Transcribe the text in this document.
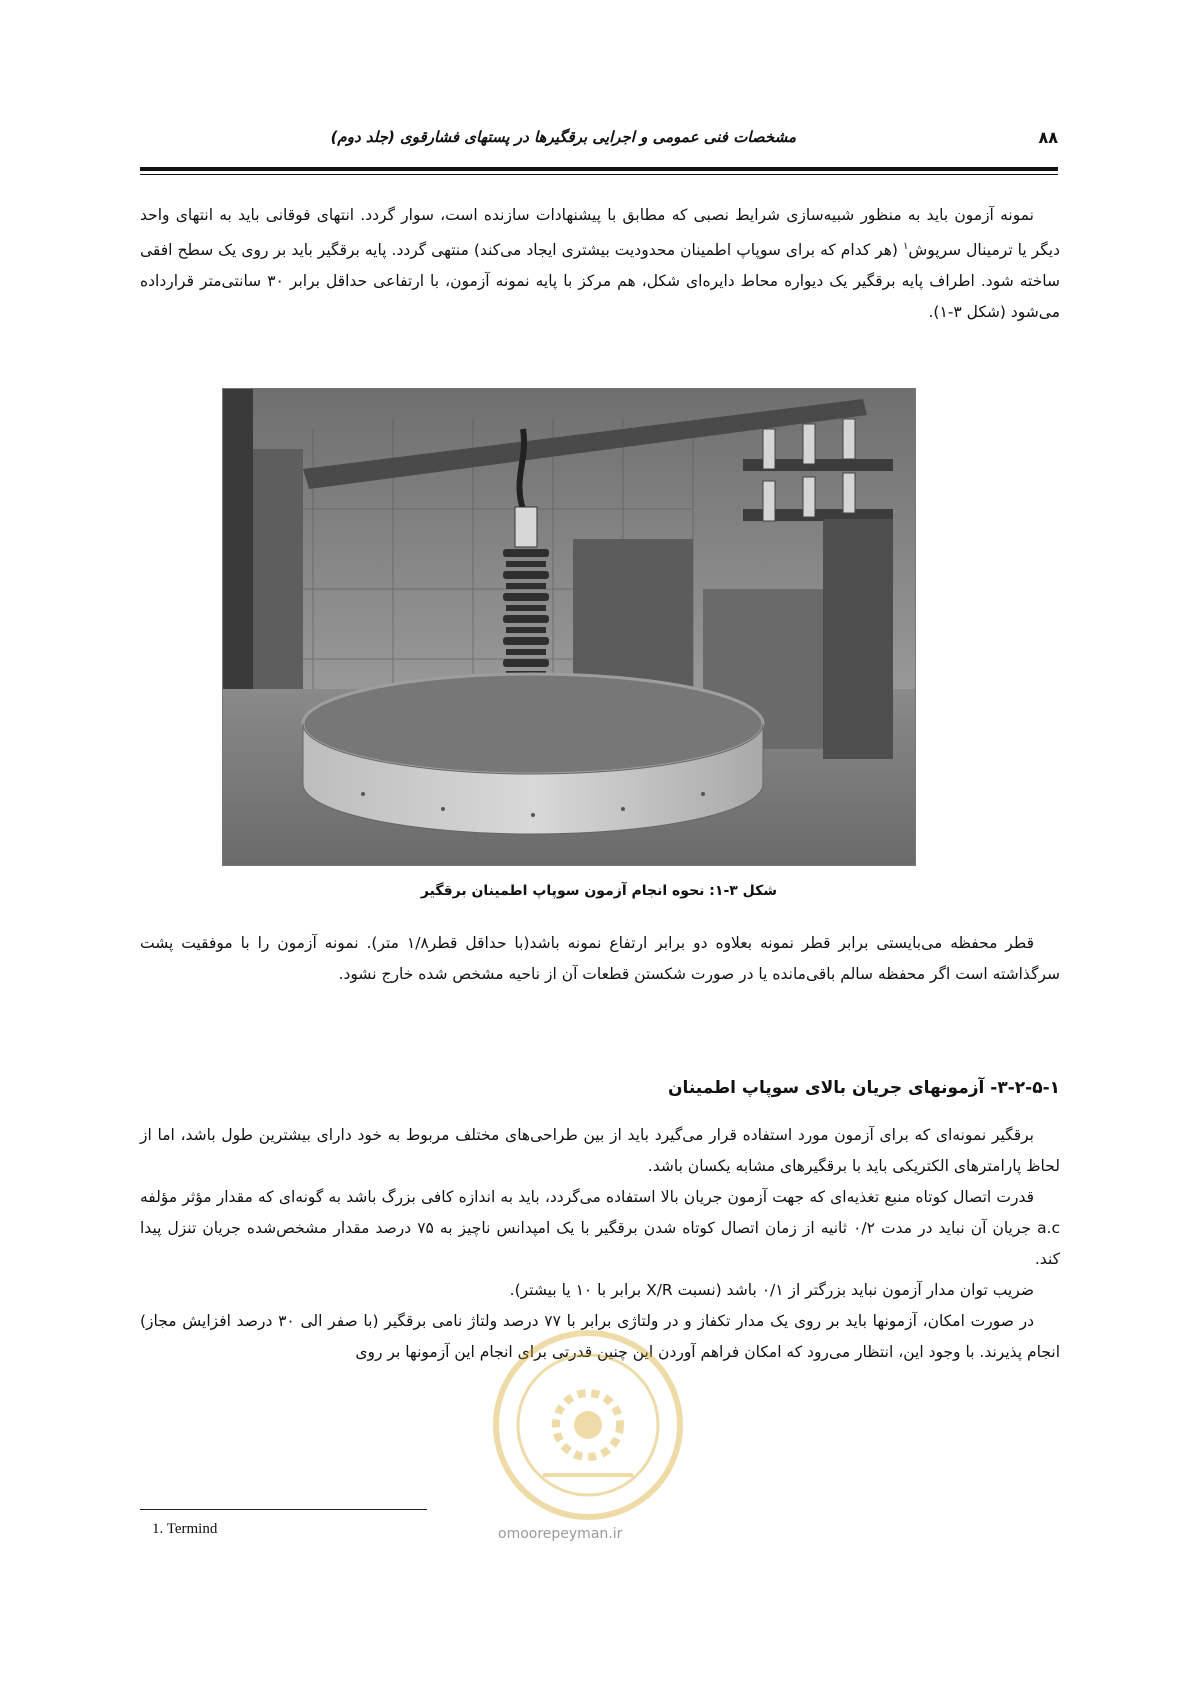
مشخصات فنی عمومی و اجرایی برقگیرها در پستهای فشارقوی (جلد دوم)	۸۸

نمونه آزمون باید به منظور شبیه‌سازی شرایط نصبی که مطابق با پیشنهادات سازنده است، سوار گردد. انتهای فوقانی باید به انتهای واحد دیگر یا ترمینال سرپوش$^۱$ (هر کدام که برای سوپاپ اطمینان محدودیت بیشتری ایجاد می‌کند) منتهی گردد. پایه برقگیر باید بر روی یک سطح افقی ساخته شود. اطراف پایه برقگیر یک دیواره محاط دایره‌ای شکل، هم مرکز با پایه نمونه آزمون، با ارتفاعی حداقل برابر ۳۰ سانتی‌متر قرارداده می‌شود (شکل ۳-۱).

شکل ۳-۱: نحوه انجام آزمون سوپاپ اطمینان برقگیر

قطر محفظه می‌بایستی برابر قطر نمونه بعلاوه دو برابر ارتفاع نمونه باشد(با حداقل قطر۱/۸ متر). نمونه آزمون را با موفقیت پشت سرگذاشته است اگر محفظه سالم باقی‌مانده یا در صورت شکستن قطعات آن از ناحیه مشخص شده خارج نشود.

۳-۲-۵-۱- آزمونهای جریان بالای سوپاپ اطمینان

برقگیر نمونه‌ای که برای آزمون مورد استفاده قرار می‌گیرد باید از بین طراحی‌های مختلف مربوط به خود دارای بیشترین طول باشد، اما از لحاظ پارامترهای الکتریکی باید با برقگیرهای مشابه یکسان باشد.

قدرت اتصال کوتاه منبع تغذیه‌ای که جهت آزمون جریان بالا استفاده می‌گردد، باید به اندازه کافی بزرگ باشد به گونه‌ای که مقدار مؤثر مؤلفه a.c جریان آن نباید در مدت ۰/۲ ثانیه از زمان اتصال کوتاه شدن برقگیر با یک امپدانس ناچیز به ۷۵ درصد مقدار مشخص‌شده جریان تنزل پیدا کند.

ضریب توان مدار آزمون نباید بزرگتر از ۰/۱ باشد (نسبت X/R برابر با ۱۰ یا بیشتر).

در صورت امکان، آزمونها باید بر روی یک مدار تکفاز و در ولتاژی برابر با ۷۷ درصد ولتاژ نامی برقگیر (با صفر الی ۳۰ درصد افزایش مجاز) انجام پذیرند. با وجود این، انتظار می‌رود که امکان فراهم آوردن این چنین قدرتی برای انجام این آزمونها بر روی

omoorepeyman.ir
1. Termind
